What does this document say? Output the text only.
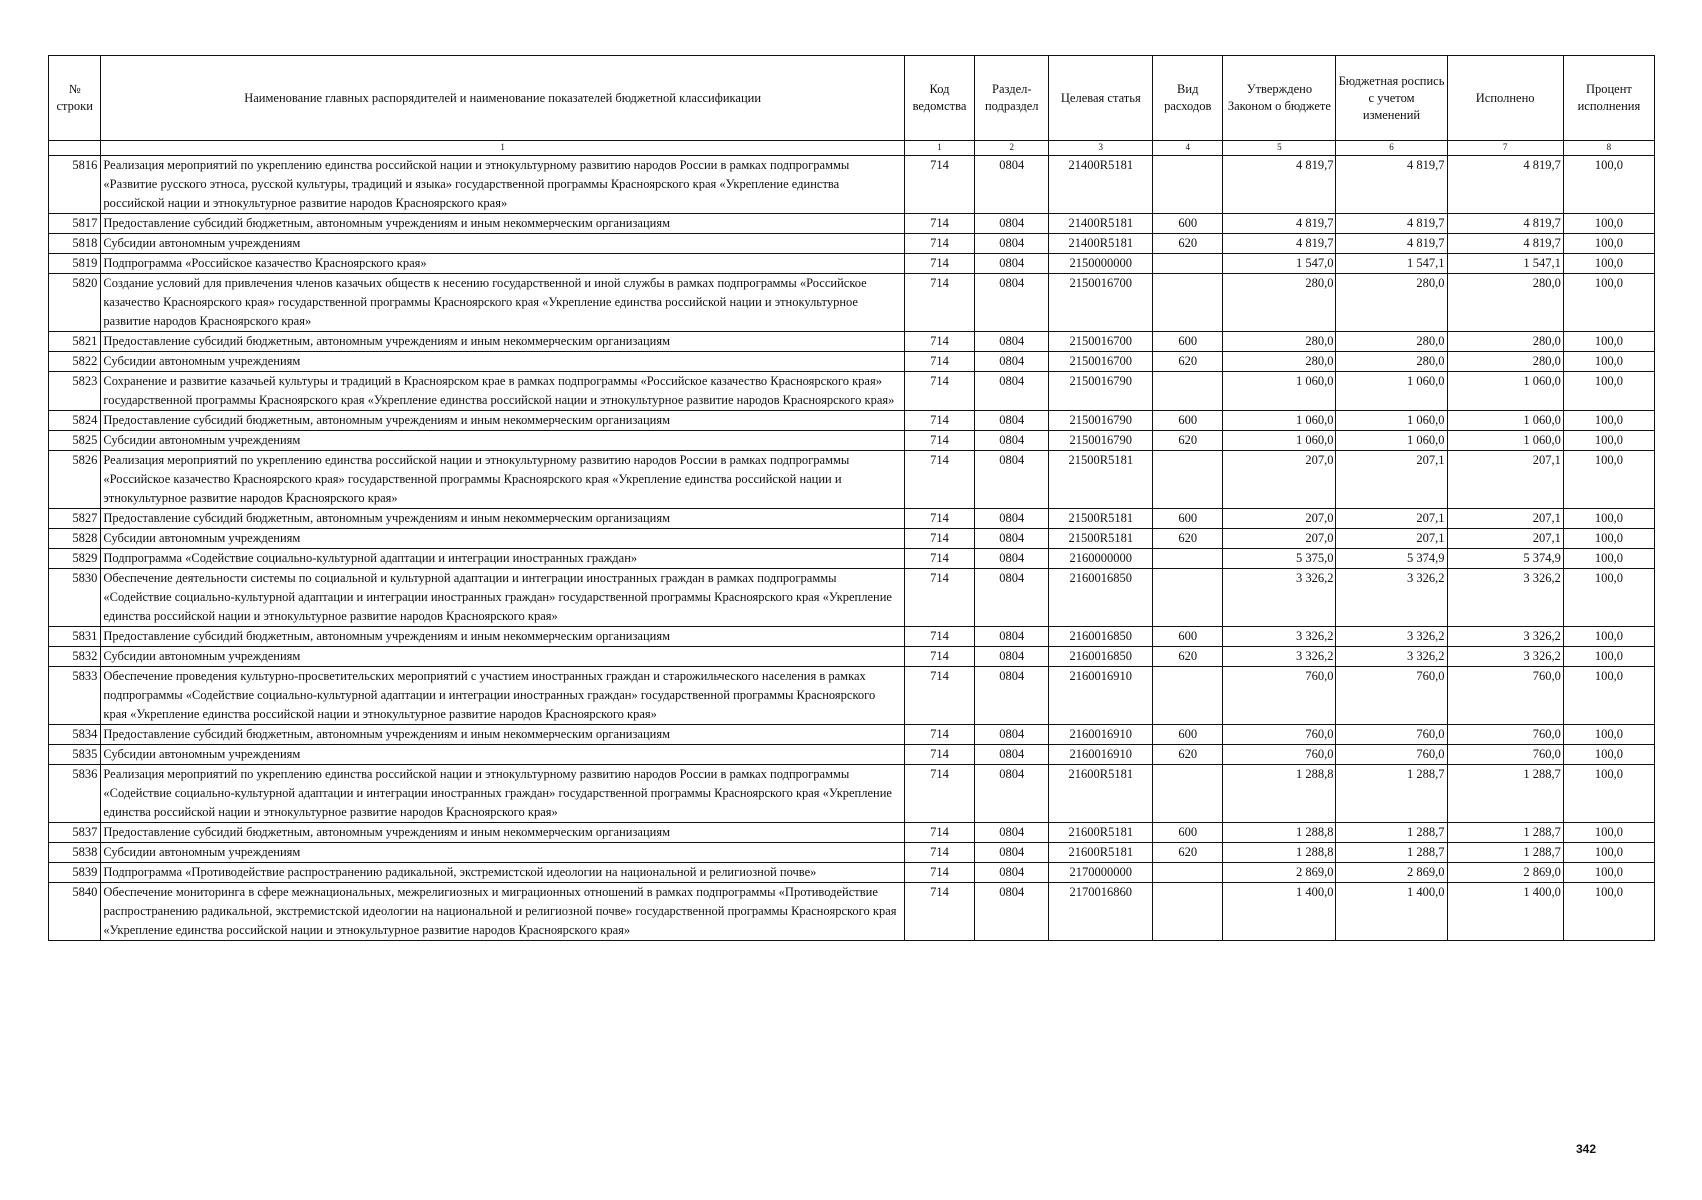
№ строки	Наименование главных распорядителей и наименование показателей бюджетной классификации	Код ведомства	Раздел-подраздел	Целевая статья	Вид расходов	Утверждено Законом о бюджете	Бюджетная роспись с учетом изменений	Исполнено	Процент исполнения
	1	1	2	3	4	5	6	7	8
5816	Реализация мероприятий по укреплению единства российской нации и этнокультурному развитию народов России в рамках подпрограммы «Развитие русского этноса, русской культуры, традиций и языка» государственной программы Красноярского края «Укрепление единства российской нации и этнокультурное развитие народов Красноярского края»	714	0804	21400R5181		4 819,7	4 819,7	4 819,7	100,0
5817	Предоставление субсидий бюджетным, автономным учреждениям и иным некоммерческим организациям	714	0804	21400R5181	600	4 819,7	4 819,7	4 819,7	100,0
5818	Субсидии автономным учреждениям	714	0804	21400R5181	620	4 819,7	4 819,7	4 819,7	100,0
5819	Подпрограмма «Российское казачество Красноярского края»	714	0804	2150000000		1 547,0	1 547,1	1 547,1	100,0
5820	Создание условий для привлечения членов казачьих обществ к несению государственной и иной службы в рамках подпрограммы «Российское казачество Красноярского края» государственной программы Красноярского края «Укрепление единства российской нации и этнокультурное развитие народов Красноярского края»	714	0804	2150016700		280,0	280,0	280,0	100,0
5821	Предоставление субсидий бюджетным, автономным учреждениям и иным некоммерческим организациям	714	0804	2150016700	600	280,0	280,0	280,0	100,0
5822	Субсидии автономным учреждениям	714	0804	2150016700	620	280,0	280,0	280,0	100,0
5823	Сохранение и развитие казачьей культуры и традиций в Красноярском крае в рамках подпрограммы «Российское казачество Красноярского края» государственной программы Красноярского края «Укрепление единства российской нации и этнокультурное развитие народов Красноярского края»	714	0804	2150016790		1 060,0	1 060,0	1 060,0	100,0
5824	Предоставление субсидий бюджетным, автономным учреждениям и иным некоммерческим организациям	714	0804	2150016790	600	1 060,0	1 060,0	1 060,0	100,0
5825	Субсидии автономным учреждениям	714	0804	2150016790	620	1 060,0	1 060,0	1 060,0	100,0
5826	Реализация мероприятий по укреплению единства российской нации и этнокультурному развитию народов России в рамках подпрограммы «Российское казачество Красноярского края» государственной программы Красноярского края «Укрепление единства российской нации и этнокультурное развитие народов Красноярского края»	714	0804	21500R5181		207,0	207,1	207,1	100,0
5827	Предоставление субсидий бюджетным, автономным учреждениям и иным некоммерческим организациям	714	0804	21500R5181	600	207,0	207,1	207,1	100,0
5828	Субсидии автономным учреждениям	714	0804	21500R5181	620	207,0	207,1	207,1	100,0
5829	Подпрограмма «Содействие социально-культурной адаптации и интеграции иностранных граждан»	714	0804	2160000000		5 375,0	5 374,9	5 374,9	100,0
5830	Обеспечение деятельности системы по социальной и культурной адаптации и интеграции иностранных граждан в рамках подпрограммы «Содействие социально-культурной адаптации и интеграции иностранных граждан» государственной программы Красноярского края «Укрепление единства российской нации и этнокультурное развитие народов Красноярского края»	714	0804	2160016850		3 326,2	3 326,2	3 326,2	100,0
5831	Предоставление субсидий бюджетным, автономным учреждениям и иным некоммерческим организациям	714	0804	2160016850	600	3 326,2	3 326,2	3 326,2	100,0
5832	Субсидии автономным учреждениям	714	0804	2160016850	620	3 326,2	3 326,2	3 326,2	100,0
5833	Обеспечение проведения культурно-просветительских мероприятий с участием иностранных граждан и старожильческого населения в рамках подпрограммы «Содействие социально-культурной адаптации и интеграции иностранных граждан» государственной программы Красноярского края «Укрепление единства российской нации и этнокультурное развитие народов Красноярского края»	714	0804	2160016910		760,0	760,0	760,0	100,0
5834	Предоставление субсидий бюджетным, автономным учреждениям и иным некоммерческим организациям	714	0804	2160016910	600	760,0	760,0	760,0	100,0
5835	Субсидии автономным учреждениям	714	0804	2160016910	620	760,0	760,0	760,0	100,0
5836	Реализация мероприятий по укреплению единства российской нации и этнокультурному развитию народов России в рамках подпрограммы «Содействие социально-культурной адаптации и интеграции иностранных граждан» государственной программы Красноярского края «Укрепление единства российской нации и этнокультурное развитие народов Красноярского края»	714	0804	21600R5181		1 288,8	1 288,7	1 288,7	100,0
5837	Предоставление субсидий бюджетным, автономным учреждениям и иным некоммерческим организациям	714	0804	21600R5181	600	1 288,8	1 288,7	1 288,7	100,0
5838	Субсидии автономным учреждениям	714	0804	21600R5181	620	1 288,8	1 288,7	1 288,7	100,0
5839	Подпрограмма «Противодействие распространению радикальной, экстремистской идеологии на национальной и религиозной почве»	714	0804	2170000000		2 869,0	2 869,0	2 869,0	100,0
5840	Обеспечение мониторинга в сфере межнациональных, межрелигиозных и миграционных отношений в рамках подпрограммы «Противодействие распространению радикальной, экстремистской идеологии на национальной и религиозной почве» государственной программы Красноярского края «Укрепление единства российской нации и этнокультурное развитие народов Красноярского края»	714	0804	2170016860		1 400,0	1 400,0	1 400,0	100,0
342
